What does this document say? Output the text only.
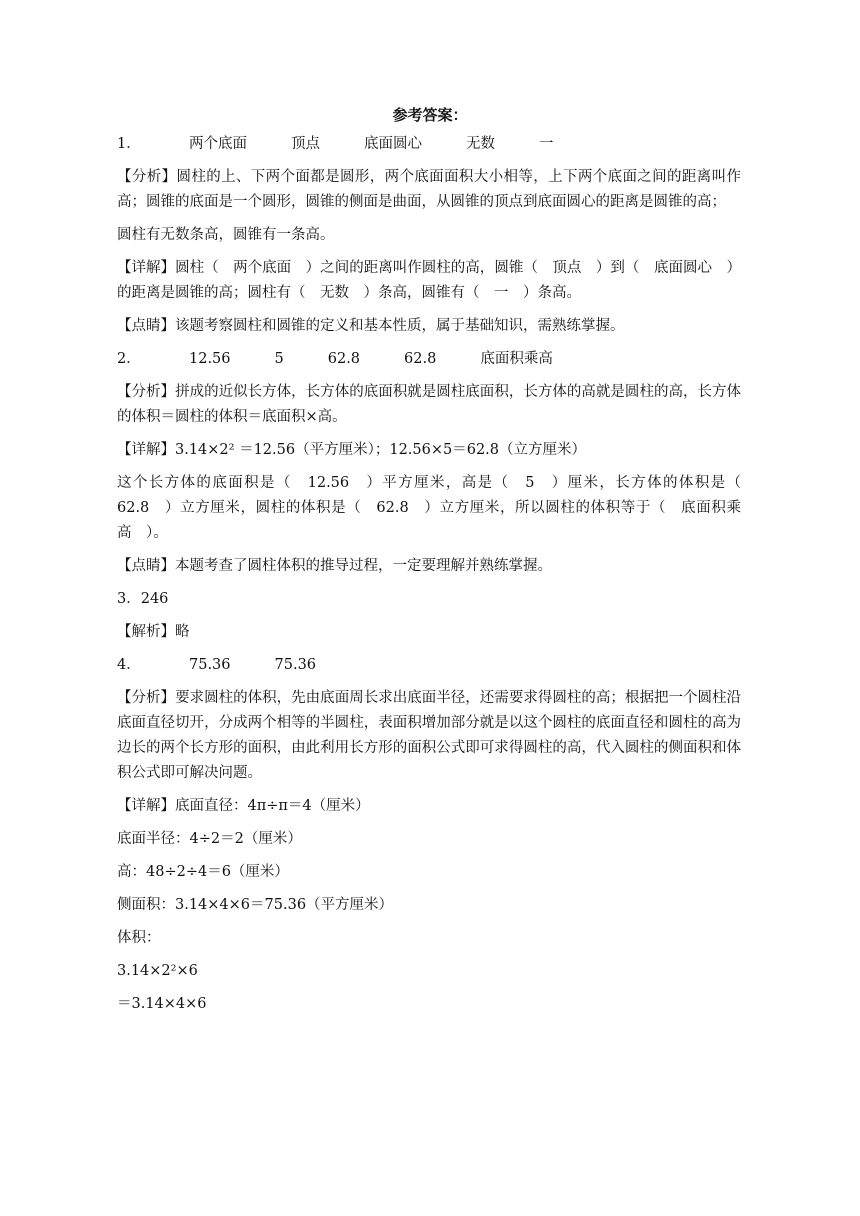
参考答案：

1．	两个底面	顶点	底面圆心	无数	一

【分析】圆柱的上、下两个面都是圆形，两个底面面积大小相等，上下两个底面之间的距离叫作高；圆锥的底面是一个圆形，圆锥的侧面是曲面，从圆锥的顶点到底面圆心的距离是圆锥的高；

圆柱有无数条高，圆锥有一条高。

【详解】圆柱（　两个底面　）之间的距离叫作圆柱的高，圆锥（　顶点　）到（　底面圆心　）的距离是圆锥的高；圆柱有（　无数　）条高，圆锥有（　一　）条高。

【点睛】该题考察圆柱和圆锥的定义和基本性质，属于基础知识，需熟练掌握。

2．	12.56	5	62.8	62.8	底面积乘高

【分析】拼成的近似长方体，长方体的底面积就是圆柱底面积，长方体的高就是圆柱的高，长方体的体积＝圆柱的体积＝底面积×高。

【详解】3.14×2² ＝12.56（平方厘米）；12.56×5＝62.8（立方厘米）

这个长方体的底面积是（　12.56　）平方厘米，高是（　5　）厘米，长方体的体积是（　62.8　）立方厘米，圆柱的体积是（　62.8　）立方厘米，所以圆柱的体积等于（　底面积乘高　）。

【点睛】本题考查了圆柱体积的推导过程，一定要理解并熟练掌握。

3．246

【解析】略

4．	75.36	75.36

【分析】要求圆柱的体积，先由底面周长求出底面半径，还需要求得圆柱的高；根据把一个圆柱沿底面直径切开，分成两个相等的半圆柱，表面积增加部分就是以这个圆柱的底面直径和圆柱的高为边长的两个长方形的面积，由此利用长方形的面积公式即可求得圆柱的高，代入圆柱的侧面积和体积公式即可解决问题。

【详解】底面直径：4π÷π＝4（厘米）

底面半径：4÷2＝2（厘米）

高：48÷2÷4＝6（厘米）

侧面积：3.14×4×6＝75.36（平方厘米）

体积：

3.14×2²×6

＝3.14×4×6
